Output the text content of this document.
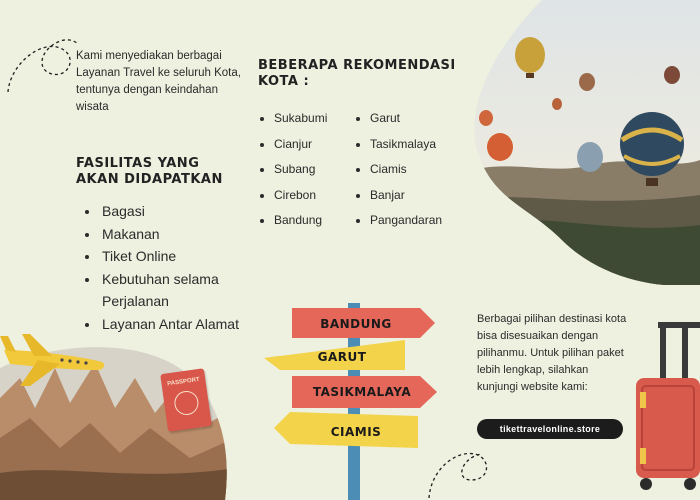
Kami menyediakan berbagai Layanan Travel ke seluruh Kota, tentunya dengan keindahan wisata
FASILITAS YANG AKAN DIDAPATKAN
• Bagasi
• Makanan
• Tiket Online
• Kebutuhan selama Perjalanan
• Layanan Antar Alamat
BEBERAPA REKOMENDASI KOTA :
• Sukabumi
• Cianjur
• Subang
• Cirebon
• Bandung
• Garut
• Tasikmalaya
• Ciamis
• Banjar
• Pangandaran
PASSPORT
BANDUNG
GARUT
TASIKMALAYA
CIAMIS
Berbagai pilihan destinasi kota bisa disesuaikan dengan pilihanmu. Untuk pilihan paket lebih lengkap, silahkan kunjungi website kami:
tikettravelonline.store
